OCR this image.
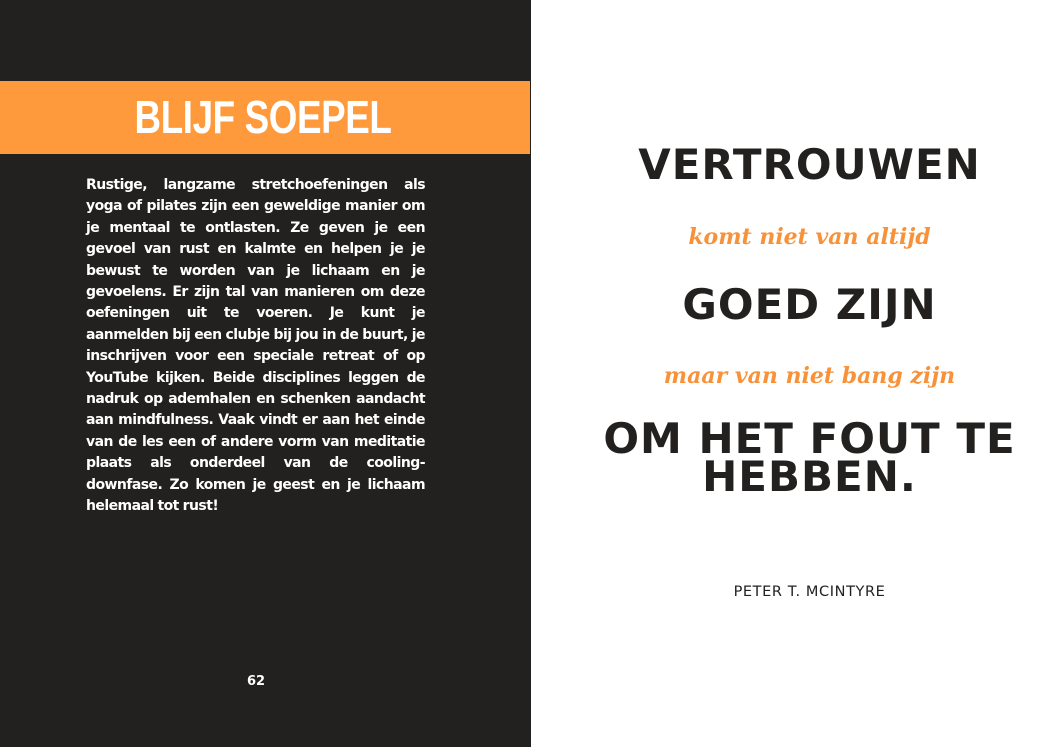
BLIJF SOEPEL

Rustige, langzame stretchoefeningen als yoga of pilates zijn een geweldige manier om je mentaal te ontlasten. Ze geven je een gevoel van rust en kalmte en helpen je je bewust te worden van je lichaam en je gevoelens. Er zijn tal van manieren om deze oefeningen uit te voeren. Je kunt je aanmelden bij een clubje bij jou in de buurt, je inschrijven voor een speciale retreat of op YouTube kijken. Beide disciplines leggen de nadruk op ademhalen en schenken aandacht aan mindfulness. Vaak vindt er aan het einde van de les een of andere vorm van meditatie plaats als onderdeel van de cooling-downfase. Zo komen je geest en je lichaam helemaal tot rust!

62
VERTROUWEN
komt niet van altijd
GOED ZIJN
maar van niet bang zijn
OM HET FOUT TE HEBBEN.
PETER T. MCINTYRE
